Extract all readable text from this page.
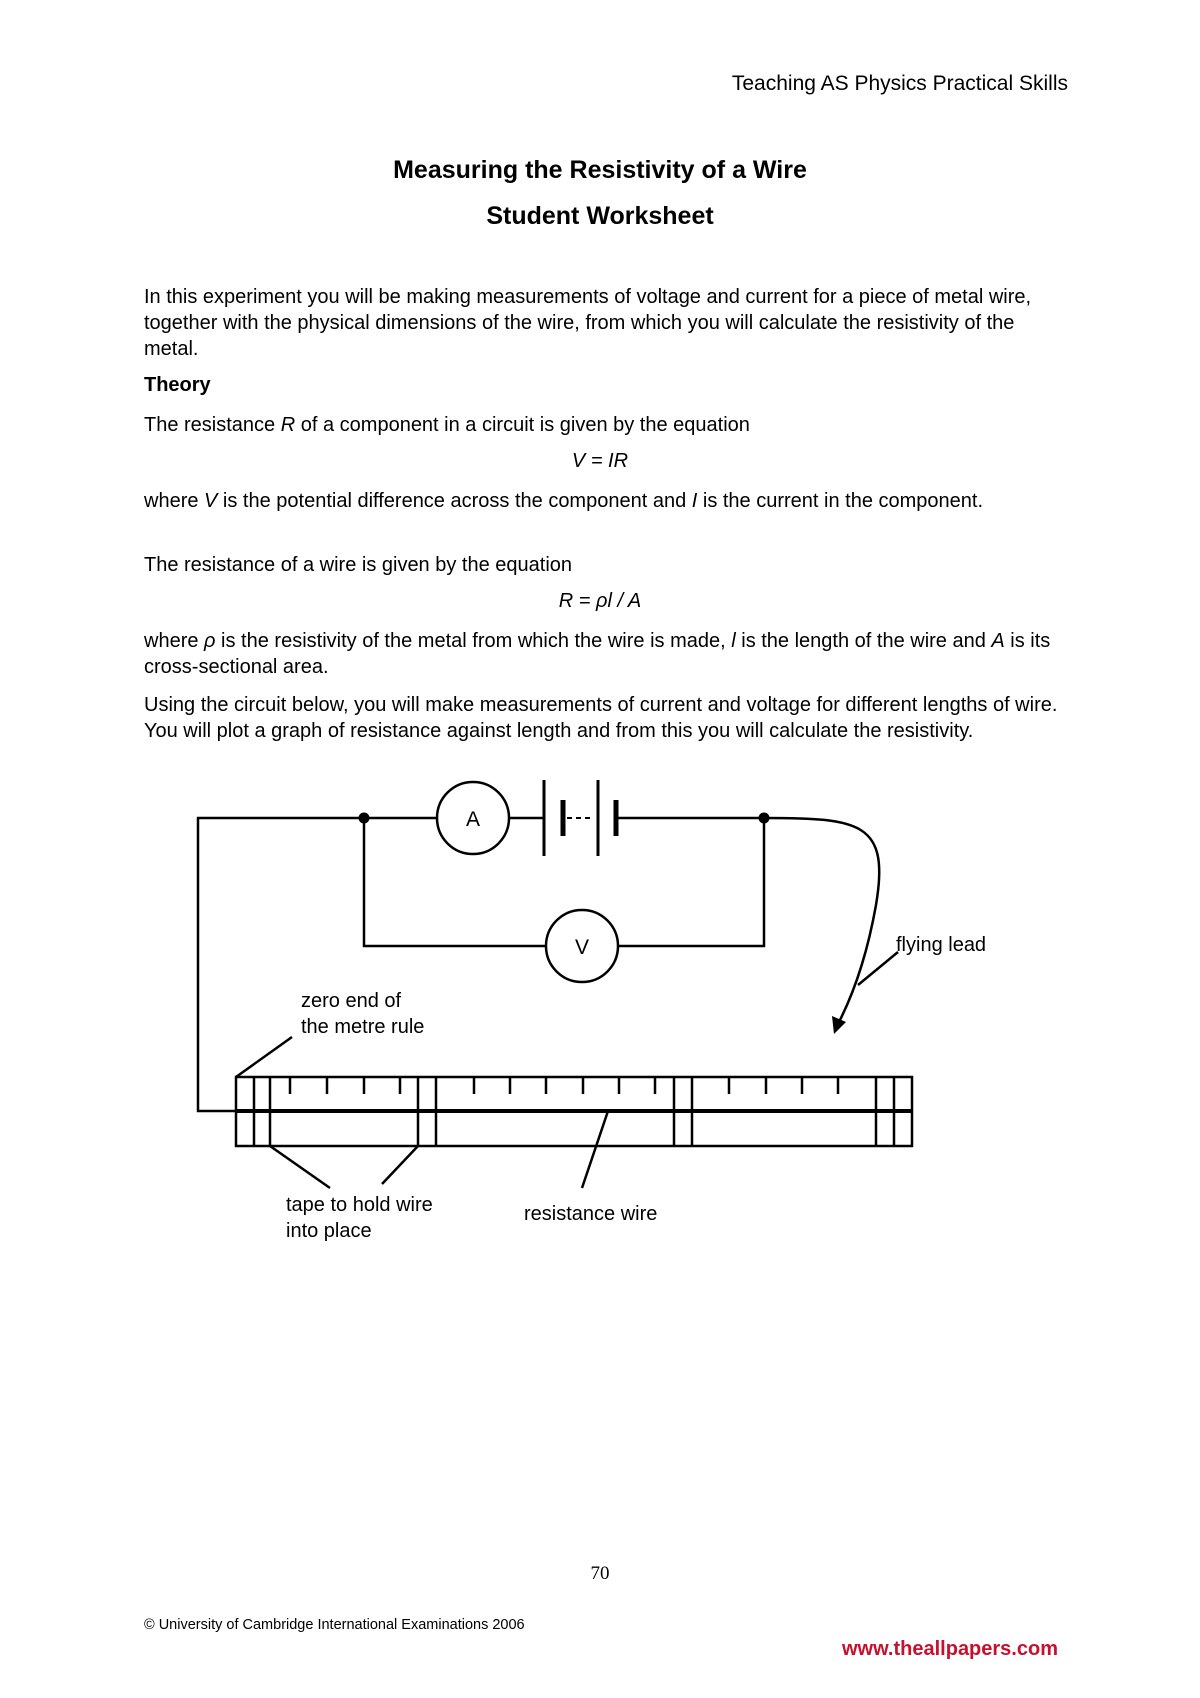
Teaching AS Physics Practical Skills
Measuring the Resistivity of a Wire
Student Worksheet

In this experiment you will be making measurements of voltage and current for a piece of metal wire, together with the physical dimensions of the wire, from which you will calculate the resistivity of the metal.

Theory

The resistance R of a component in a circuit is given by the equation

V = IR

where V is the potential difference across the component and I is the current in the component.

The resistance of a wire is given by the equation

R = ρl / A

where ρ is the resistivity of the metal from which the wire is made, l is the length of the wire and A is its cross-sectional area.

Using the circuit below, you will make measurements of current and voltage for different lengths of wire. You will plot a graph of resistance against length and from this you will calculate the resistivity.

A
V	flying lead
zero end of
the metre rule
tape to hold wire
into place
resistance wire
70
© University of Cambridge International Examinations 2006
www.theallpapers.com
